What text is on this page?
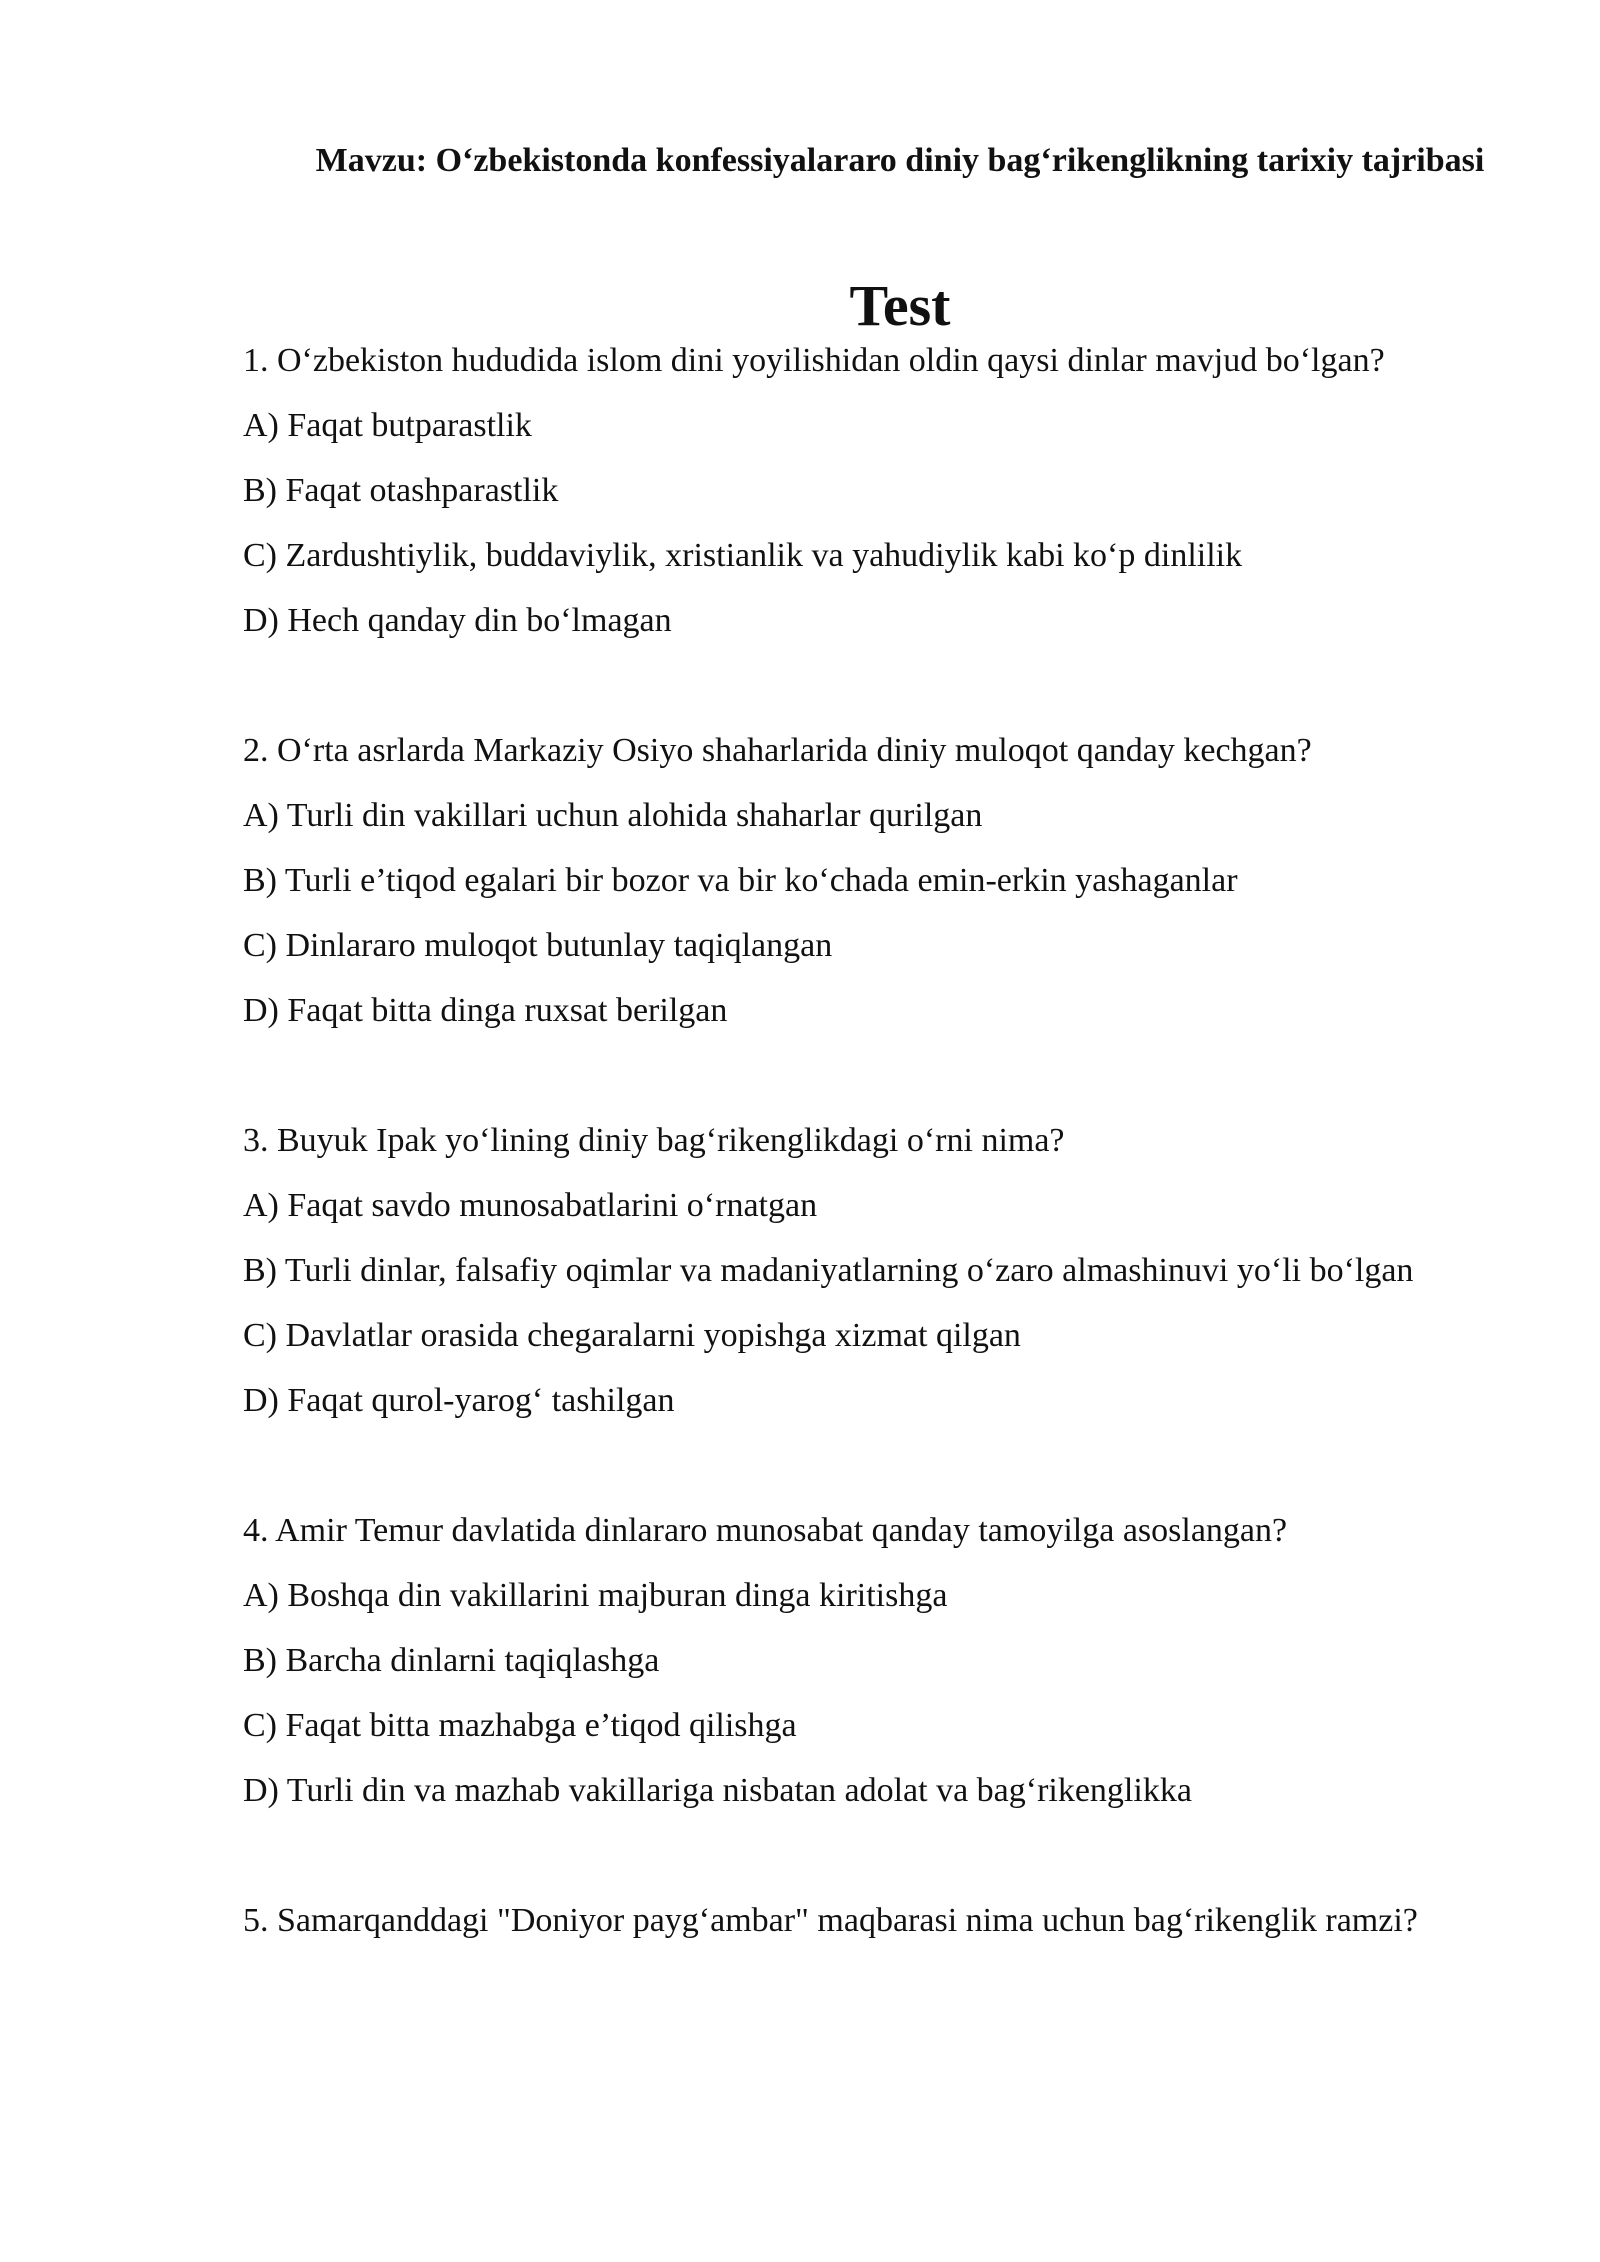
Mavzu: O‘zbekistonda konfessiyalararo diniy bag‘rikenglikning tarixiy tajribasi
Test

1. O‘zbekiston hududida islom dini yoyilishidan oldin qaysi dinlar mavjud bo‘lgan?

A) Faqat butparastlik

B) Faqat otashparastlik

C) Zardushtiylik, buddaviylik, xristianlik va yahudiylik kabi ko‘p dinlilik

D) Hech qanday din bo‘lmagan

2. O‘rta asrlarda Markaziy Osiyo shaharlarida diniy muloqot qanday kechgan?

A) Turli din vakillari uchun alohida shaharlar qurilgan

B) Turli e’tiqod egalari bir bozor va bir ko‘chada emin-erkin yashaganlar

C) Dinlararo muloqot butunlay taqiqlangan

D) Faqat bitta dinga ruxsat berilgan

3. Buyuk Ipak yo‘lining diniy bag‘rikenglikdagi o‘rni nima?

A) Faqat savdo munosabatlarini o‘rnatgan

B) Turli dinlar, falsafiy oqimlar va madaniyatlarning o‘zaro almashinuvi yo‘li bo‘lgan

C) Davlatlar orasida chegaralarni yopishga xizmat qilgan

D) Faqat qurol-yarog‘ tashilgan

4. Amir Temur davlatida dinlararo munosabat qanday tamoyilga asoslangan?

A) Boshqa din vakillarini majburan dinga kiritishga

B) Barcha dinlarni taqiqlashga

C) Faqat bitta mazhabga e’tiqod qilishga

D) Turli din va mazhab vakillariga nisbatan adolat va bag‘rikenglikka

5. Samarqanddagi "Doniyor payg‘ambar" maqbarasi nima uchun bag‘rikenglik ramzi?
